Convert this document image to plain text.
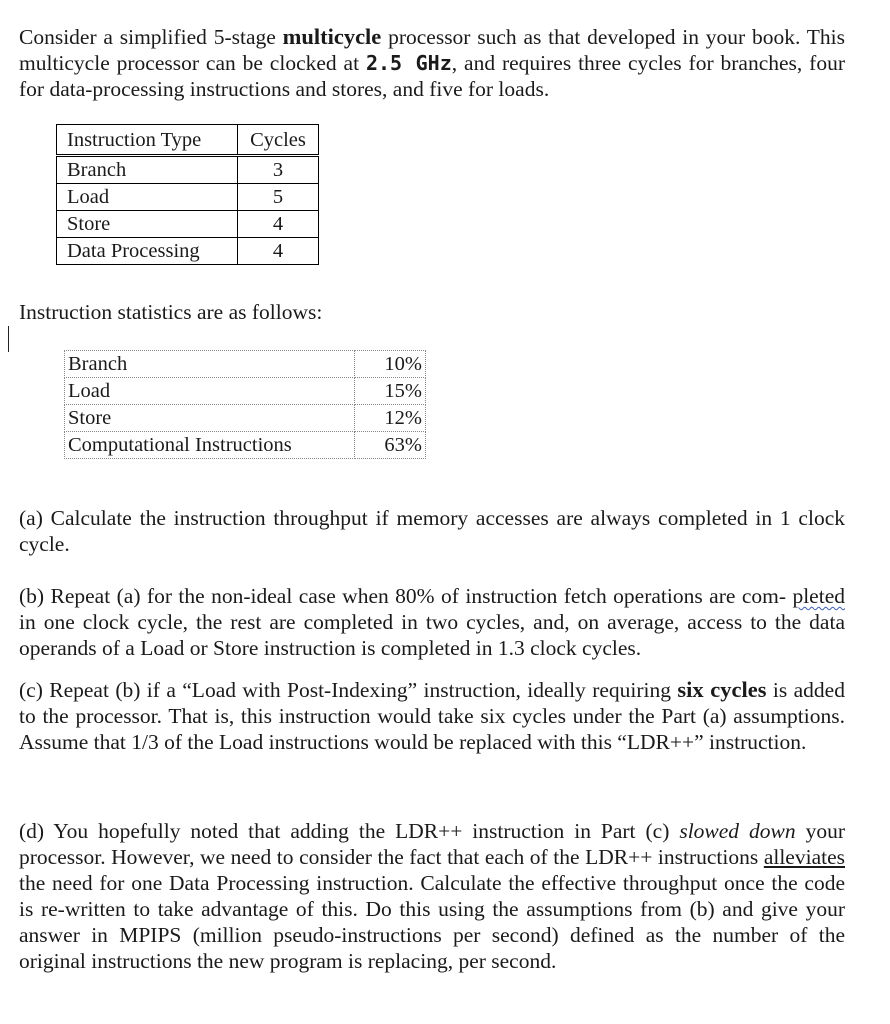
Consider a simplified 5-stage multicycle processor such as that developed in your book. This multicycle processor can be clocked at 2.5 GHz, and requires three cycles for branches, four for data-processing instructions and stores, and five for loads.

Instruction Type	Cycles
Branch	3
Load	5
Store	4
Data Processing	4

Instruction statistics are as follows:

Branch	10%
Load	15%
Store	12%
Computational Instructions	63%

(a) Calculate the instruction throughput if memory accesses are always completed in 1 clock cycle.

(b) Repeat (a) for the non-ideal case when 80% of instruction fetch operations are com- pleted in one clock cycle, the rest are completed in two cycles, and, on average, access to the data operands of a Load or Store instruction is completed in 1.3 clock cycles.

(c) Repeat (b) if a “Load with Post-Indexing” instruction, ideally requiring six cycles is added to the processor. That is, this instruction would take six cycles under the Part (a) assumptions. Assume that 1/3 of the Load instructions would be replaced with this “LDR++” instruction.

(d) You hopefully noted that adding the LDR++ instruction in Part (c) slowed down your processor. However, we need to consider the fact that each of the LDR++ instructions alleviates the need for one Data Processing instruction. Calculate the effective throughput once the code is re-written to take advantage of this. Do this using the assumptions from (b) and give your answer in MPIPS (million pseudo-instructions per second) defined as the number of the original instructions the new program is replacing, per second.
